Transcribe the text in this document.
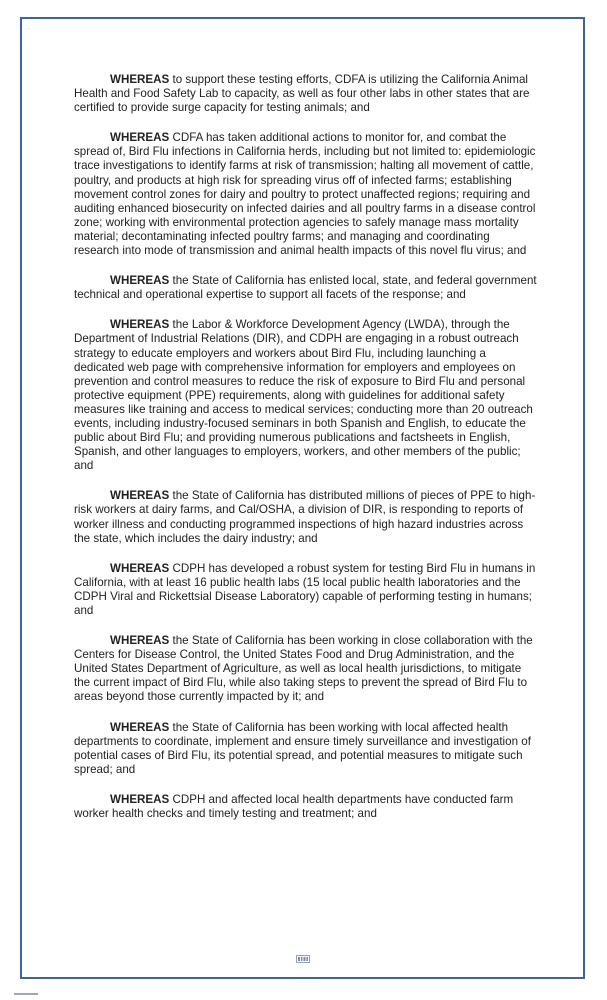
WHEREAS to support these testing efforts, CDFA is utilizing the California Animal Health and Food Safety Lab to capacity, as well as four other labs in other states that are certified to provide surge capacity for testing animals; and

WHEREAS CDFA has taken additional actions to monitor for, and combat the spread of, Bird Flu infections in California herds, including but not limited to: epidemiologic trace investigations to identify farms at risk of transmission; halting all movement of cattle, poultry, and products at high risk for spreading virus off of infected farms; establishing movement control zones for dairy and poultry to protect unaffected regions; requiring and auditing enhanced biosecurity on infected dairies and all poultry farms in a disease control zone; working with environmental protection agencies to safely manage mass mortality material; decontaminating infected poultry farms; and managing and coordinating research into mode of transmission and animal health impacts of this novel flu virus; and

WHEREAS the State of California has enlisted local, state, and federal government technical and operational expertise to support all facets of the response; and

WHEREAS the Labor & Workforce Development Agency (LWDA), through the Department of Industrial Relations (DIR), and CDPH are engaging in a robust outreach strategy to educate employers and workers about Bird Flu, including launching a dedicated web page with comprehensive information for employers and employees on prevention and control measures to reduce the risk of exposure to Bird Flu and personal protective equipment (PPE) requirements, along with guidelines for additional safety measures like training and access to medical services; conducting more than 20 outreach events, including industry-focused seminars in both Spanish and English, to educate the public about Bird Flu; and providing numerous publications and factsheets in English, Spanish, and other languages to employers, workers, and other members of the public; and

WHEREAS the State of California has distributed millions of pieces of PPE to high-risk workers at dairy farms, and Cal/OSHA, a division of DIR, is responding to reports of worker illness and conducting programmed inspections of high hazard industries across the state, which includes the dairy industry; and

WHEREAS CDPH has developed a robust system for testing Bird Flu in humans in California, with at least 16 public health labs (15 local public health laboratories and the CDPH Viral and Rickettsial Disease Laboratory) capable of performing testing in humans; and

WHEREAS the State of California has been working in close collaboration with the Centers for Disease Control, the United States Food and Drug Administration, and the United States Department of Agriculture, as well as local health jurisdictions, to mitigate the current impact of Bird Flu, while also taking steps to prevent the spread of Bird Flu to areas beyond those currently impacted by it; and

WHEREAS the State of California has been working with local affected health departments to coordinate, implement and ensure timely surveillance and investigation of potential cases of Bird Flu, its potential spread, and potential measures to mitigate such spread; and

WHEREAS CDPH and affected local health departments have conducted farm worker health checks and timely testing and treatment; and
